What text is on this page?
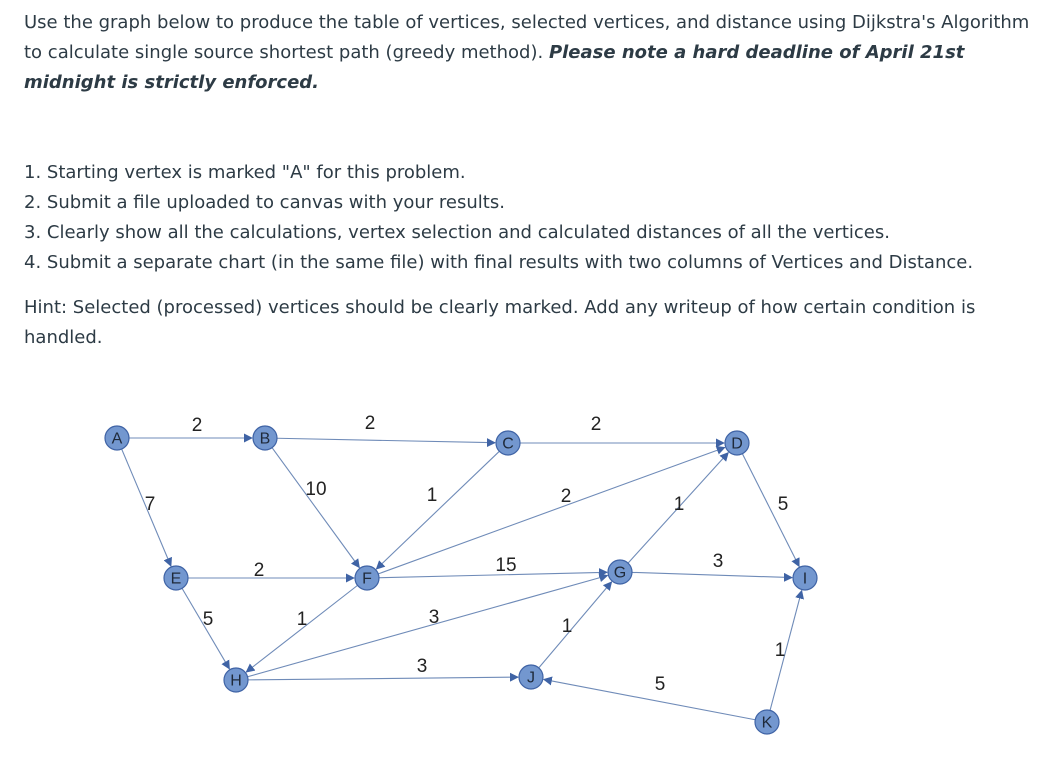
Use the graph below to produce the table of vertices, selected vertices, and distance using Dijkstra's Algorithm to calculate single source shortest path (greedy method). Please note a hard deadline of April 21st midnight is strictly enforced.
1. Starting vertex is marked "A" for this problem.
2. Submit a file uploaded to canvas with your results.
3. Clearly show all the calculations, vertex selection and calculated distances of all the vertices.
4. Submit a separate chart (in the same file) with final results with two columns of Vertices and Distance.
Hint: Selected (processed) vertices should be clearly marked. Add any writeup of how certain condition is handled.
2
7
2
10	1
2
2
5	1
15
2
3
3
1
1
3
5
5
1
A	B	C	D
E	F	G
H
I
J
K
